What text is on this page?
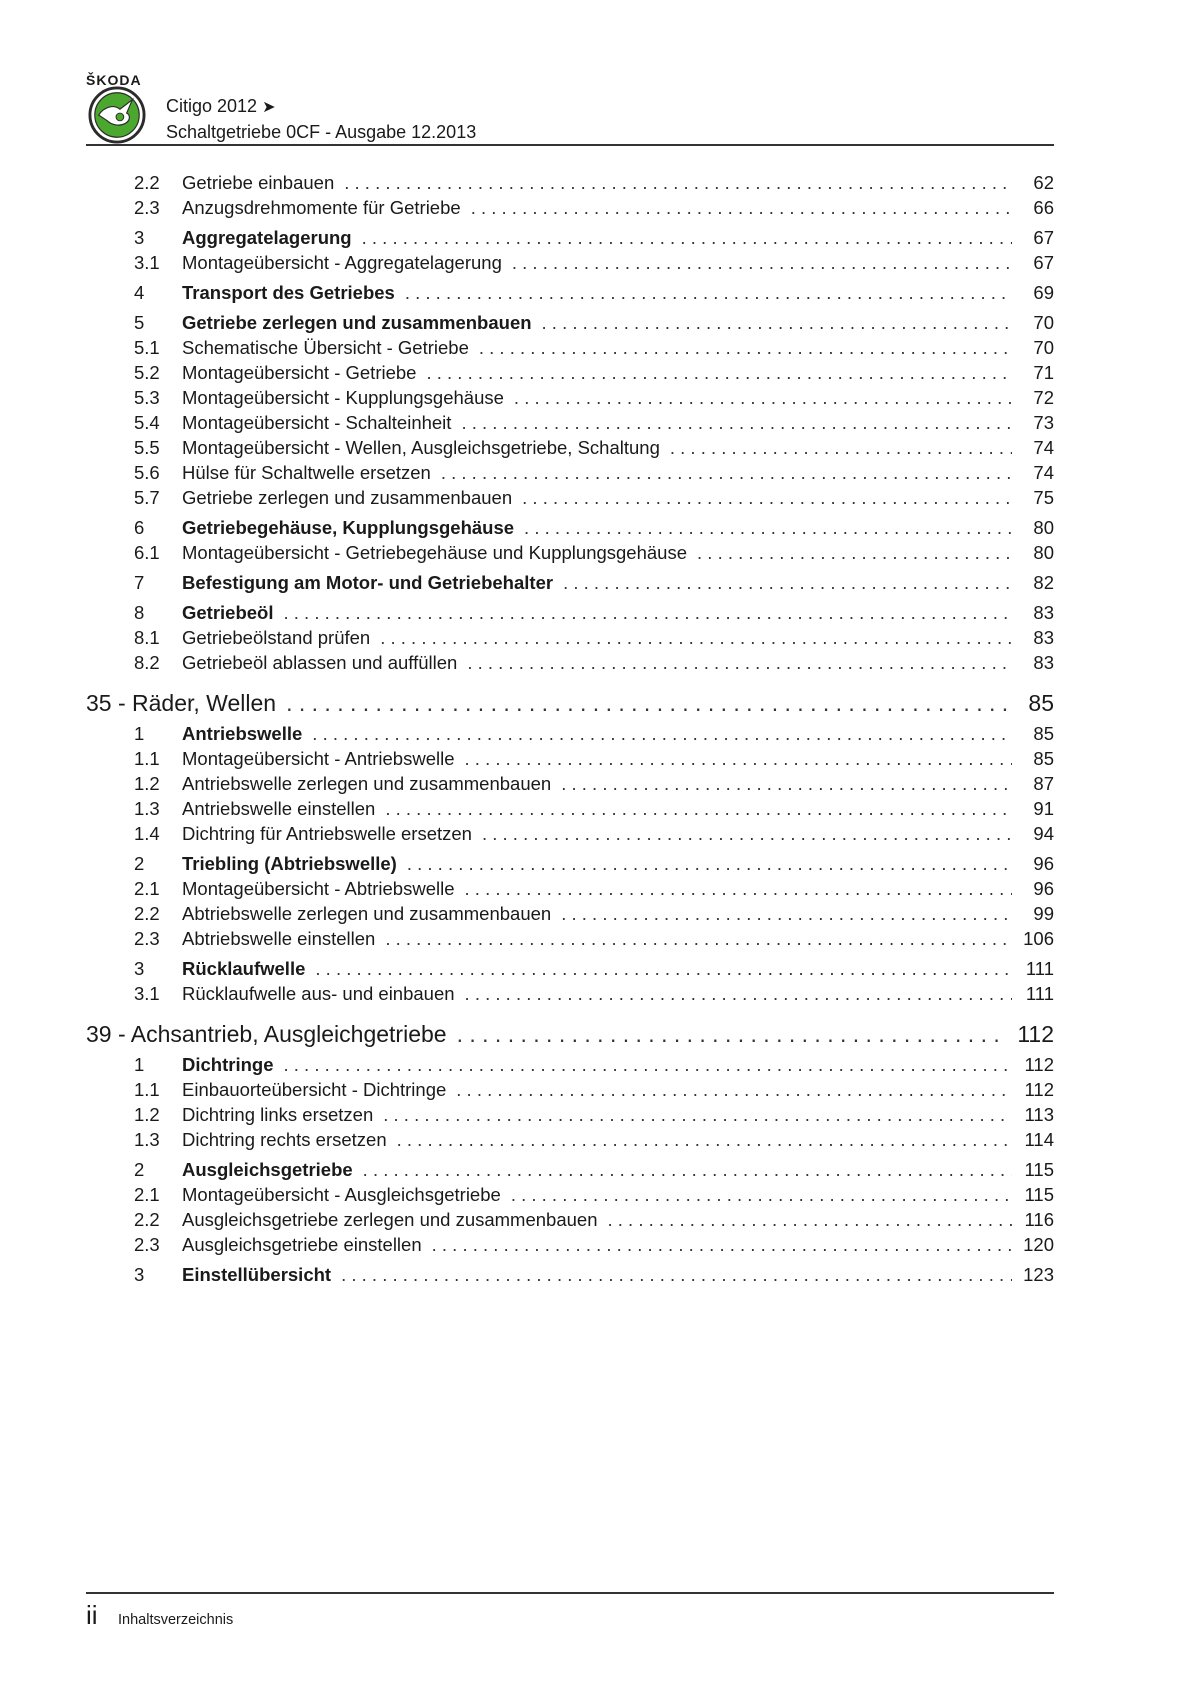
ŠKODA
Citigo 2012 ➤
Schaltgetriebe 0CF - Ausgabe 12.2013
2.2	Getriebe einbauen . . .	62
2.3	Anzugsdrehmomente für Getriebe . . .	66
3	Aggregatelagerung . . .	67
3.1	Montageübersicht - Aggregatelagerung . . .	67
4	Transport des Getriebes . . .	69
5	Getriebe zerlegen und zusammenbauen . . .	70
5.1	Schematische Übersicht - Getriebe . . .	70
5.2	Montageübersicht - Getriebe . . .	71
5.3	Montageübersicht - Kupplungsgehäuse . . .	72
5.4	Montageübersicht - Schalteinheit . . .	73
5.5	Montageübersicht - Wellen, Ausgleichsgetriebe, Schaltung . . .	74
5.6	Hülse für Schaltwelle ersetzen . . .	74
5.7	Getriebe zerlegen und zusammenbauen . . .	75
6	Getriebegehäuse, Kupplungsgehäuse . . .	80
6.1	Montageübersicht - Getriebegehäuse und Kupplungsgehäuse . . .	80
7	Befestigung am Motor- und Getriebehalter . . .	82
8	Getriebeöl . . .	83
8.1	Getriebeölstand prüfen . . .	83
8.2	Getriebeöl ablassen und auffüllen . . .	83
35 - Räder, Wellen . . .	85
1	Antriebswelle . . .	85
1.1	Montageübersicht - Antriebswelle . . .	85
1.2	Antriebswelle zerlegen und zusammenbauen . . .	87
1.3	Antriebswelle einstellen . . .	91
1.4	Dichtring für Antriebswelle ersetzen . . .	94
2	Triebling (Abtriebswelle) . . .	96
2.1	Montageübersicht - Abtriebswelle . . .	96
2.2	Abtriebswelle zerlegen und zusammenbauen . . .	99
2.3	Abtriebswelle einstellen . . .	106
3	Rücklaufwelle . . .	111
3.1	Rücklaufwelle aus- und einbauen . . .	111
39 - Achsantrieb, Ausgleichgetriebe . . .	112
1	Dichtringe . . .	112
1.1	Einbauorteübersicht - Dichtringe . . .	112
1.2	Dichtring links ersetzen . . .	113
1.3	Dichtring rechts ersetzen . . .	114
2	Ausgleichsgetriebe . . .	115
2.1	Montageübersicht - Ausgleichsgetriebe . . .	115
2.2	Ausgleichsgetriebe zerlegen und zusammenbauen . . .	116
2.3	Ausgleichsgetriebe einstellen . . .	120
3	Einstellübersicht . . .	123
ii Inhaltsverzeichnis
